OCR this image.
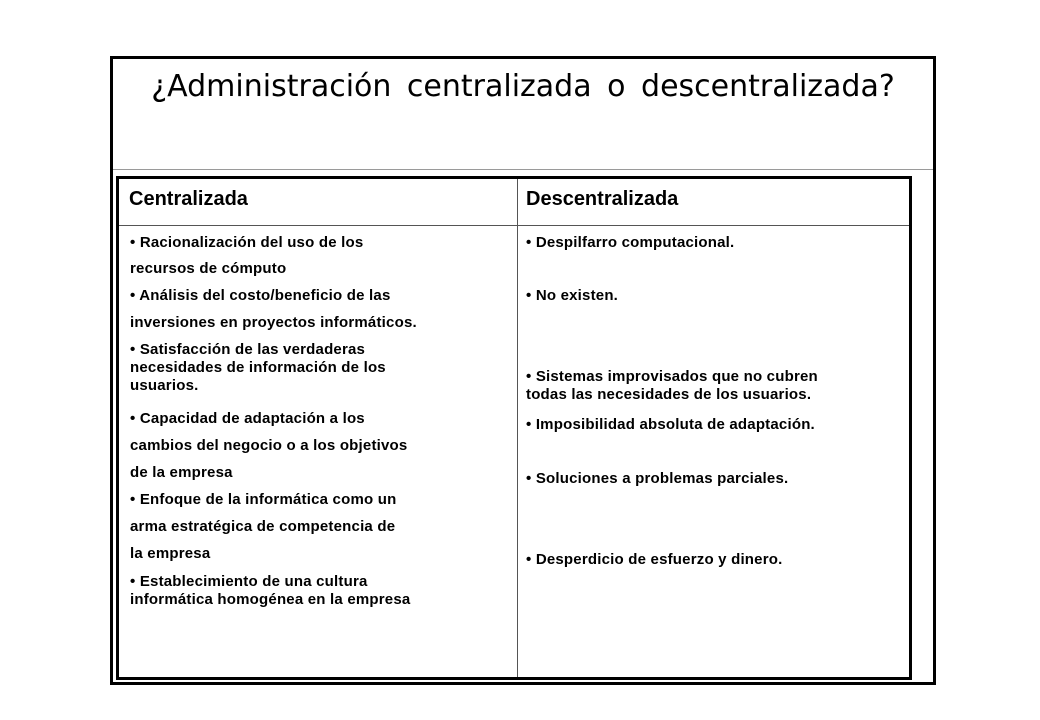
¿Administración centralizada o descentralizada?
Centralizada	Descentralizada
• Racionalización del uso de los
recursos de cómputo
• Análisis del costo/beneficio de las
inversiones en proyectos informáticos.
• Satisfacción de las verdaderas
necesidades de información de los
usuarios.
• Capacidad de adaptación a los
cambios del negocio o a los objetivos
de la empresa
• Enfoque de la informática como un
arma estratégica de competencia de
la empresa
• Establecimiento de una cultura
informática homogénea en la empresa
• Despilfarro computacional.
• No existen.
• Sistemas improvisados que no cubren
todas las necesidades de los usuarios.
• Imposibilidad absoluta de adaptación.
• Soluciones a problemas parciales.
• Desperdicio de esfuerzo y dinero.
